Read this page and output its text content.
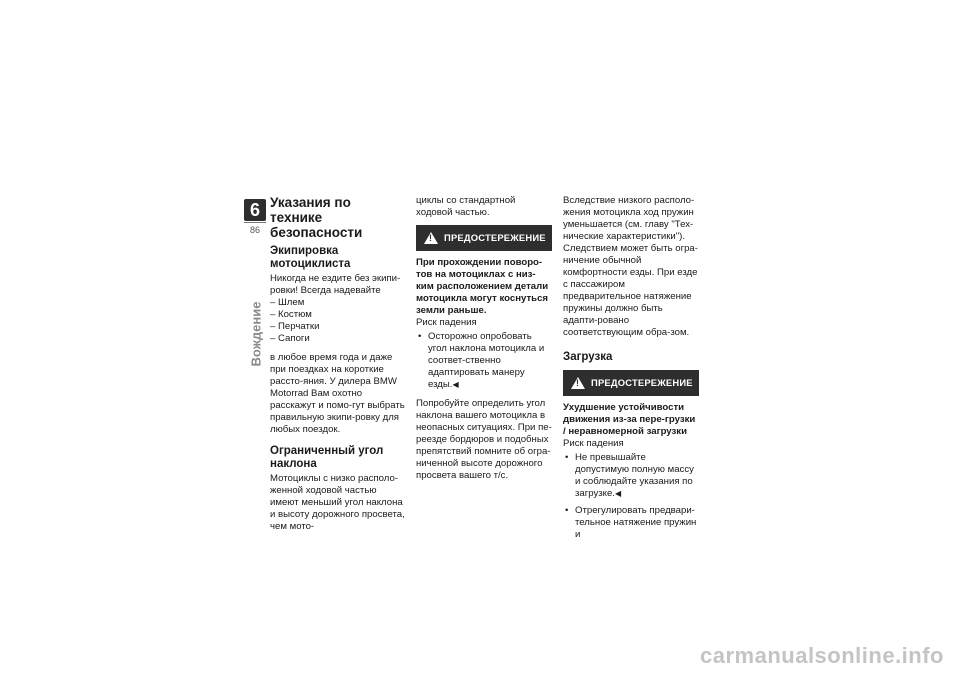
6
86
Вождение
Указания по технике безопасности
Экипировка мотоциклиста

Никогда не ездите без экипи-ровки! Всегда надевайте

– Шлем

– Костюм

– Перчатки

– Сапоги

в любое время года и даже при поездках на короткие рассто-яния. У дилера BMW Motorrad Вам охотно расскажут и помо-гут выбрать правильную экипи-ровку для любых поездок.

Ограниченный угол наклона

Мотоциклы с низко располо-женной ходовой частью имеют меньший угол наклона и высоту дорожного просвета, чем мото-

циклы со стандартной ходовой частью.

!
ПРЕДОСТЕРЕЖЕНИЕ

При прохождении поворо-тов на мотоциклах с низ-ким расположением детали мотоцикла могут коснуться земли раньше.

Риск падения

• Осторожно опробовать угол наклона мотоцикла и соответ-ственно адаптировать манеру езды.◀

Попробуйте определить угол наклона вашего мотоцикла в неопасных ситуациях. При пе-реезде бордюров и подобных препятствий помните об огра-ниченной высоте дорожного просвета вашего т/с.

Вследствие низкого располо-жения мотоцикла ход пружин уменьшается (см. главу "Тех-нические характеристики"). Следствием может быть огра-ничение обычной комфортности езды. При езде с пассажиром предварительное натяжение пружины должно быть адапти-ровано соответствующим обра-зом.

Загрузка
!
ПРЕДОСТЕРЕЖЕНИЕ

Ухудшение устойчивости движения из-за пере-грузки / неравномерной загрузки

Риск падения

• Не превышайте допустимую полную массу и соблюдайте указания по загрузке.◀

• Отрегулировать предвари-тельное натяжение пружин и

carmanualsonline.info
